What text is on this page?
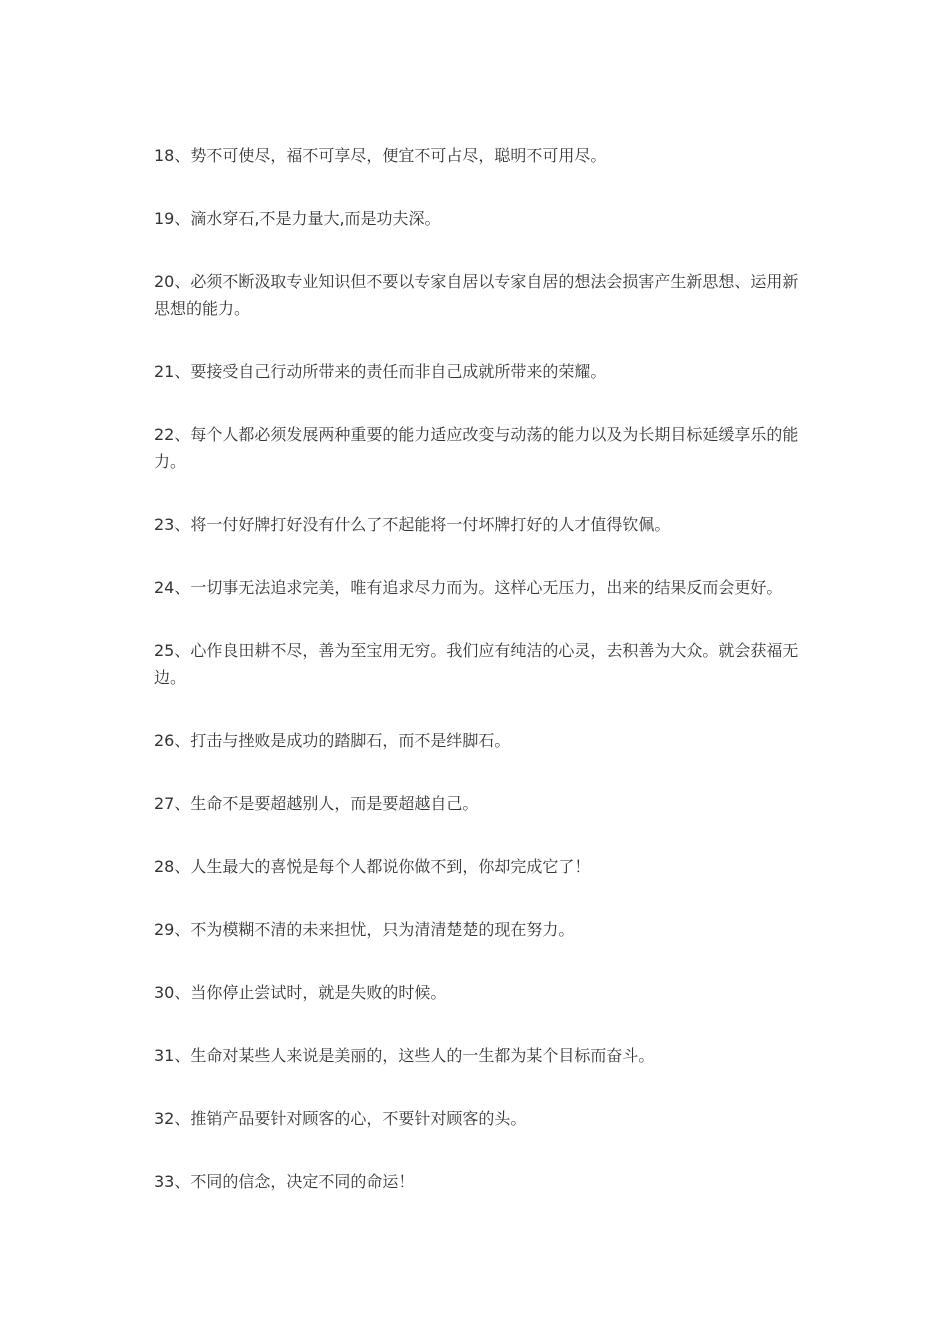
18、势不可使尽，福不可享尽，便宜不可占尽，聪明不可用尽。
19、滴水穿石,不是力量大,而是功夫深。
20、必须不断汲取专业知识但不要以专家自居以专家自居的想法会损害产生新思想、运用新思想的能力。
21、要接受自己行动所带来的责任而非自己成就所带来的荣耀。
22、每个人都必须发展两种重要的能力适应改变与动荡的能力以及为长期目标延缓享乐的能力。
23、将一付好牌打好没有什么了不起能将一付坏牌打好的人才值得钦佩。
24、一切事无法追求完美，唯有追求尽力而为。这样心无压力，出来的结果反而会更好。
25、心作良田耕不尽，善为至宝用无穷。我们应有纯洁的心灵，去积善为大众。就会获福无边。
26、打击与挫败是成功的踏脚石，而不是绊脚石。
27、生命不是要超越别人，而是要超越自己。
28、人生最大的喜悦是每个人都说你做不到，你却完成它了！
29、不为模糊不清的未来担忧，只为清清楚楚的现在努力。
30、当你停止尝试时，就是失败的时候。
31、生命对某些人来说是美丽的，这些人的一生都为某个目标而奋斗。
32、推销产品要针对顾客的心，不要针对顾客的头。
33、不同的信念，决定不同的命运！
